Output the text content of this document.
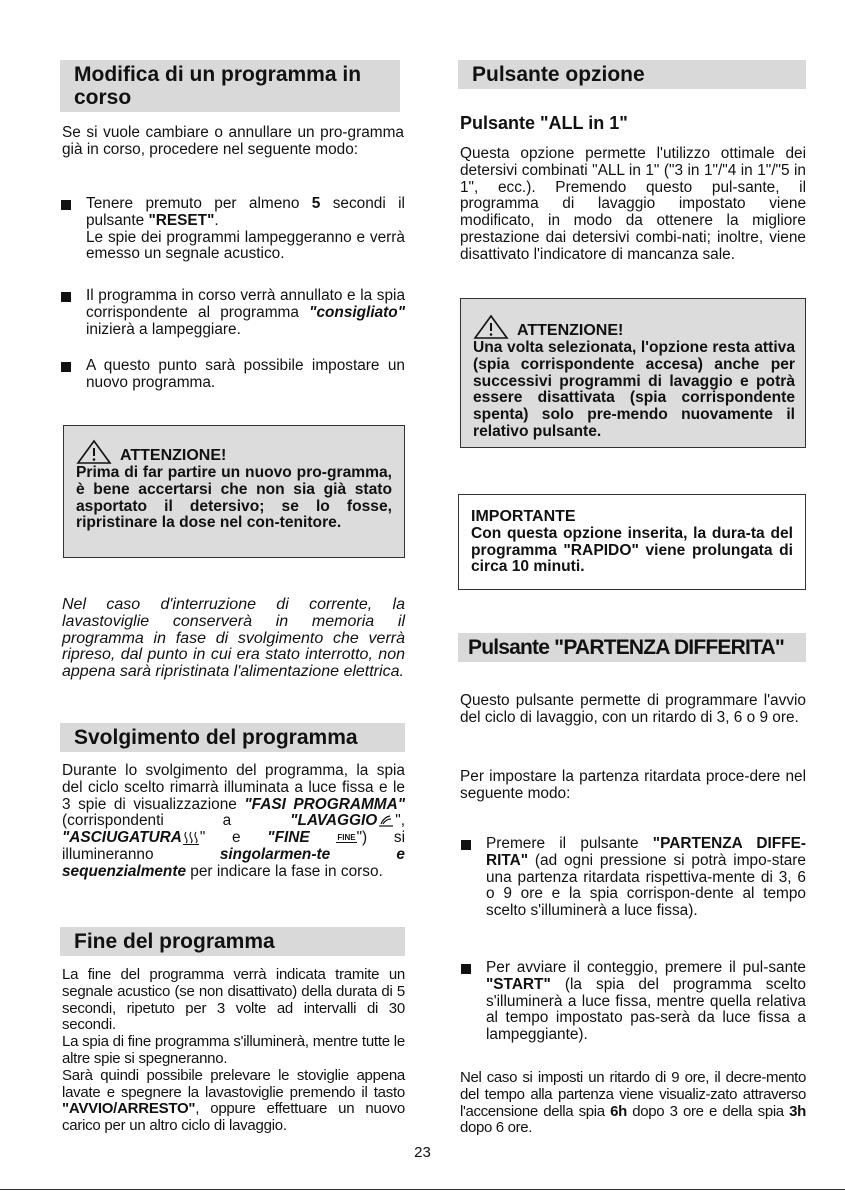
Modifica di un programma in corso
Se si vuole cambiare o annullare un pro-gramma già in corso, procedere nel seguente modo:
Tenere premuto per almeno 5 secondi il pulsante "RESET".
Le spie dei programmi lampeggeranno e verrà emesso un segnale acustico.
Il programma in corso verrà annullato e la spia corrispondente al programma "consigliato" inizierà a lampeggiare.
A questo punto sarà possibile impostare un nuovo programma.
ATTENZIONE!
Prima di far partire un nuovo pro-gramma, è bene accertarsi che non sia già stato asportato il detersivo; se lo fosse, ripristinare la dose nel con-tenitore.
Nel caso d'interruzione di corrente, la lavastoviglie conserverà in memoria il programma in fase di svolgimento che verrà ripreso, dal punto in cui era stato interrotto, non appena sarà ripristinata l'alimentazione elettrica.
Svolgimento del programma
Durante lo svolgimento del programma, la spia del ciclo scelto rimarrà illuminata a luce fissa e le 3 spie di visualizzazione "FASI PROGRAMMA" (corrispondenti a "LAVAGGIO ", "ASCIUGATURA " e "FINE	FINE") si illumineranno singolarmen-te e sequenzialmente per indicare la fase in corso.
Fine del programma
La fine del programma verrà indicata tramite un segnale acustico (se non disattivato) della durata di 5 secondi, ripetuto per 3 volte ad intervalli di 30 secondi.
La spia di fine programma s'illuminerà, mentre tutte le altre spie si spegneranno.
Sarà quindi possibile prelevare le stoviglie appena lavate e spegnere la lavastoviglie premendo il tasto "AVVIO/ARRESTO", oppure effettuare un nuovo carico per un altro ciclo di lavaggio.
Pulsante opzione
Pulsante "ALL in 1"
Questa opzione permette l'utilizzo ottimale dei detersivi combinati "ALL in 1" ("3 in 1"/"4 in 1"/"5 in 1", ecc.). Premendo questo pul-sante, il programma di lavaggio impostato viene modificato, in modo da ottenere la migliore prestazione dai detersivi combi-nati; inoltre, viene disattivato l'indicatore di mancanza sale.
ATTENZIONE!
Una volta selezionata, l'opzione resta attiva (spia corrispondente accesa) anche per successivi programmi di lavaggio e potrà essere disattivata (spia corrispondente spenta) solo pre-mendo nuovamente il relativo pulsante.
IMPORTANTE
Con questa opzione inserita, la dura-ta del programma "RAPIDO" viene prolungata di circa 10 minuti.
Pulsante "PARTENZA DIFFERITA"
Questo pulsante permette di programmare l'avvio del ciclo di lavaggio, con un ritardo di 3, 6 o 9 ore.
Per impostare la partenza ritardata proce-dere nel seguente modo:
Premere il pulsante "PARTENZA DIFFE-RITA" (ad ogni pressione si potrà impo-stare una partenza ritardata rispettiva-mente di 3, 6 o 9 ore e la spia corrispon-dente al tempo scelto s'illuminerà a luce fissa).
Per avviare il conteggio, premere il pul-sante "START" (la spia del programma scelto s'illuminerà a luce fissa, mentre quella relativa al tempo impostato pas-serà da luce fissa a lampeggiante).
Nel caso si imposti un ritardo di 9 ore, il decre-mento del tempo alla partenza viene visualiz-zato attraverso l'accensione della spia 6h dopo 3 ore e della spia 3h dopo 6 ore.
23
